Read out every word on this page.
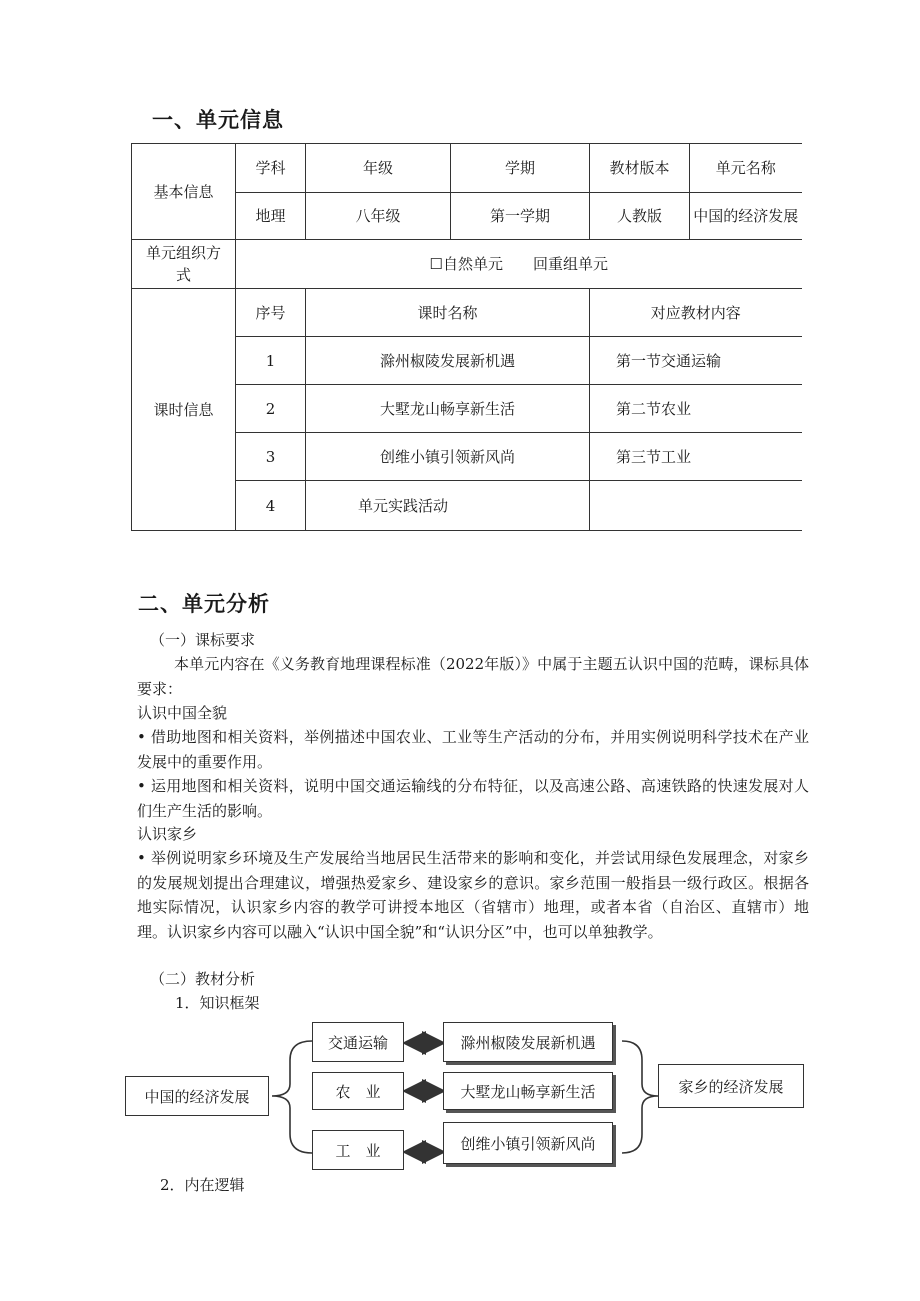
一、单元信息
基本信息	学科	年级	学期	教材版本	单元名称
	地理	八年级	第一学期	人教版	中国的经济发展
单元组织方式	☐自然单元　　回重组单元				
课时信息	序号	课时名称		对应教材内容	
	1	滁州椒陵发展新机遇		第一节交通运输	
	2	大墅龙山畅享新生活		第二节农业	
	3	创维小镇引领新风尚		第三节工业	
	4	单元实践活动			
二、单元分析
（一）课标要求
本单元内容在《义务教育地理课程标准（2022年版）》中属于主题五认识中国的范畴，课标具体要求：
认识中国全貌
• 借助地图和相关资料，举例描述中国农业、工业等生产活动的分布，并用实例说明科学技术在产业发展中的重要作用。
• 运用地图和相关资料，说明中国交通运输线的分布特征，以及高速公路、高速铁路的快速发展对人们生产生活的影响。
认识家乡
• 举例说明家乡环境及生产发展给当地居民生活带来的影响和变化，并尝试用绿色发展理念，对家乡的发展规划提出合理建议，增强热爱家乡、建设家乡的意识。家乡范围一般指县一级行政区。根据各地实际情况，认识家乡内容的教学可讲授本地区（省辖市）地理，或者本省（自治区、直辖市）地理。认识家乡内容可以融入“认识中国全貌”和“认识分区”中，也可以单独教学。
（二）教材分析
1．知识框架
中国的经济发展
交通运输
农　业
工　业
滁州椒陵发展新机遇
大墅龙山畅享新生活
创维小镇引领新风尚
家乡的经济发展
2．内在逻辑
